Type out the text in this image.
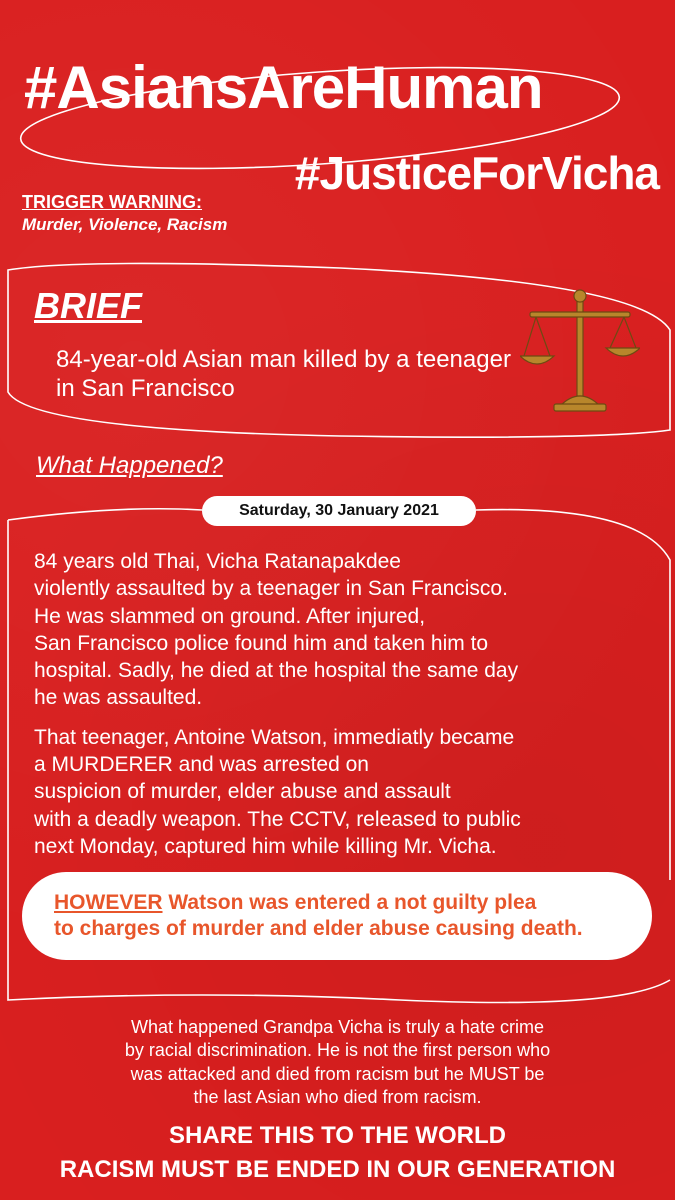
#AsiansAreHuman
#JusticeForVicha
TRIGGER WARNING:
Murder, Violence, Racism
BRIEF
84-year-old Asian man killed by a teenager
in San Francisco
What Happened?
Saturday, 30 January 2021

84 years old Thai, Vicha Ratanapakdee
violently assaulted by a teenager in San Francisco.
He was slammed on ground. After injured,
San Francisco police found him and taken him to
hospital. Sadly, he died at the hospital the same day
he was assaulted.

That teenager, Antoine Watson, immediatly became
a MURDERER and was arrested on
suspicion of murder, elder abuse and assault
with a deadly weapon. The CCTV, released to public
next Monday, captured him while killing Mr. Vicha.

HOWEVER Watson was entered a not guilty plea
to charges of murder and elder abuse causing death.
What happened Grandpa Vicha is truly a hate crime
by racial discrimination. He is not the first person who
was attacked and died from racism but he MUST be
the last Asian who died from racism.
SHARE THIS TO THE WORLD
RACISM MUST BE ENDED IN OUR GENERATION
